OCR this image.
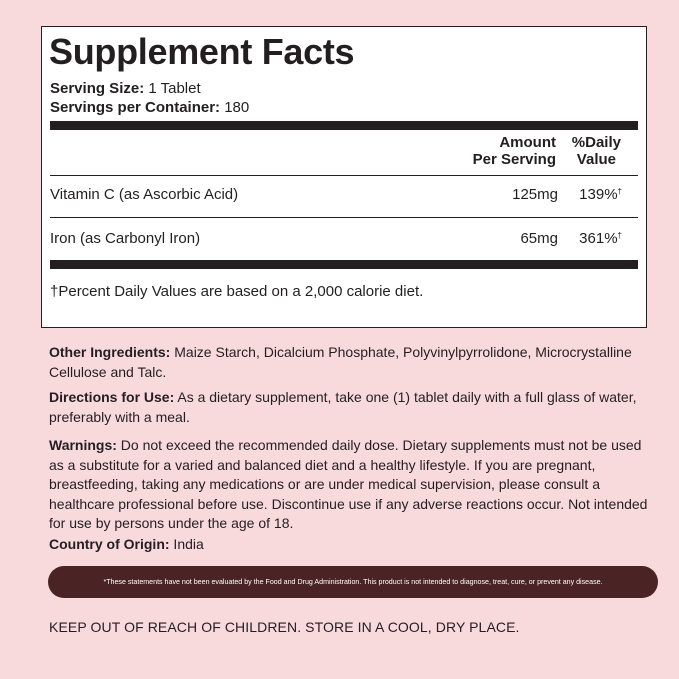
Supplement Facts
Serving Size: 1 Tablet
Servings per Container: 180
Amount
Per Serving
%Daily
Value
Vitamin C (as Ascorbic Acid)	125mg 139%†
Iron (as Carbonyl Iron)	65mg 361%†
†Percent Daily Values are based on a 2,000 calorie diet.
Other Ingredients: Maize Starch, Dicalcium Phosphate, Polyvinylpyrrolidone, Microcrystalline Cellulose and Talc.
Directions for Use: As a dietary supplement, take one (1) tablet daily with a full glass of water, preferably with a meal.
Warnings: Do not exceed the recommended daily dose. Dietary supplements must not be used as a substitute for a varied and balanced diet and a healthy lifestyle. If you are pregnant, breastfeeding, taking any medications or are under medical supervision, please consult a healthcare professional before use. Discontinue use if any adverse reactions occur. Not intended for use by persons under the age of 18.
Country of Origin: India
*These statements have not been evaluated by the Food and Drug Administration. This product is not intended to diagnose, treat, cure, or prevent any disease.
KEEP OUT OF REACH OF CHILDREN. STORE IN A COOL, DRY PLACE.
